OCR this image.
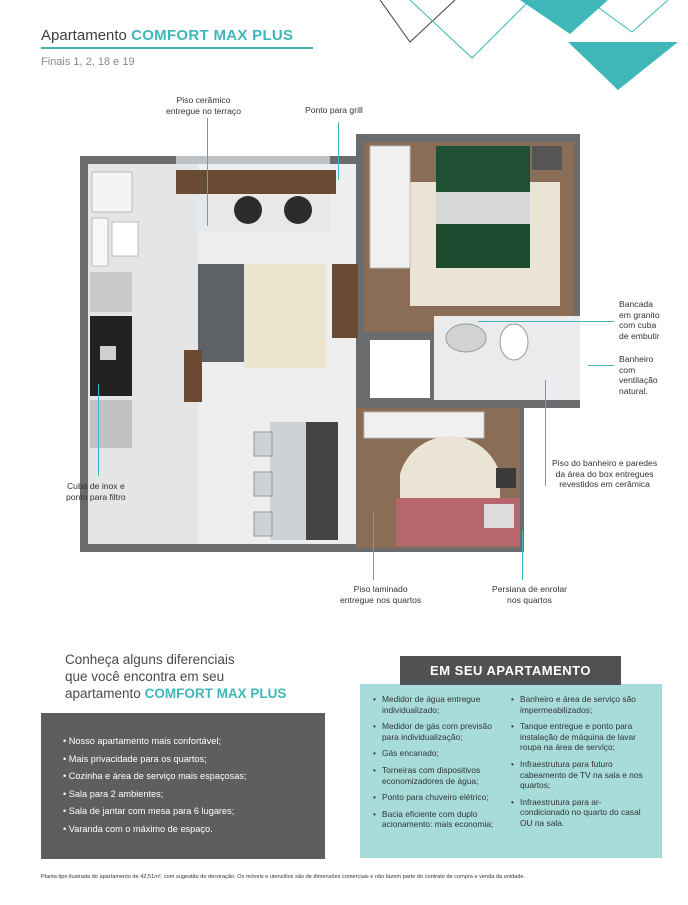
Apartamento COMFORT MAX PLUS
Finais 1, 2, 18 e 19
Piso cerâmico
entregue no terraço	Ponto para grill
Bancada
em granito
com cuba
de embutir
Banheiro
com
ventilação
natural.
Piso do banheiro e paredes
da área do box entregues
revestidos em cerâmica
Cuba de inox e
ponto para filtro
Piso laminado
entregue nos quartos
Persiana de enrolar
nos quartos
Conheça alguns diferenciais
que você encontra em seu
apartamento COMFORT MAX PLUS
• Nosso apartamento mais confortável;
• Mais privacidade para os quartos;
• Cozinha e área de serviço mais espaçosas;
• Sala para 2 ambientes;
• Sala de jantar com mesa para 6 lugares;
• Varanda com o máximo de espaço.
EM SEU APARTAMENTO
• Medidor de água entregue individualizado;
• Medidor de gás com previsão para individualização;
• Gás encanado;
• Torneiras com dispositivos economizadores de água;
• Ponto para chuveiro elétrico;
• Bacia eficiente com duplo acionamento: mais economia;
• Banheiro e área de serviço são impermeabilizados;
• Tanque entregue e ponto para instalação de máquina de lavar roupa na área de serviço;
• Infraestrutura para futuro cabeamento de TV na sala e nos quartos;
• Infraestrutura para ar-condicionado no quarto do casal OU na sala.
Planta tipo ilustrada do apartamento de 42,51m², com sugestão de decoração. Os móveis e utensílios são de dimensões comerciais e não fazem parte do contrato de compra e venda da unidade.
